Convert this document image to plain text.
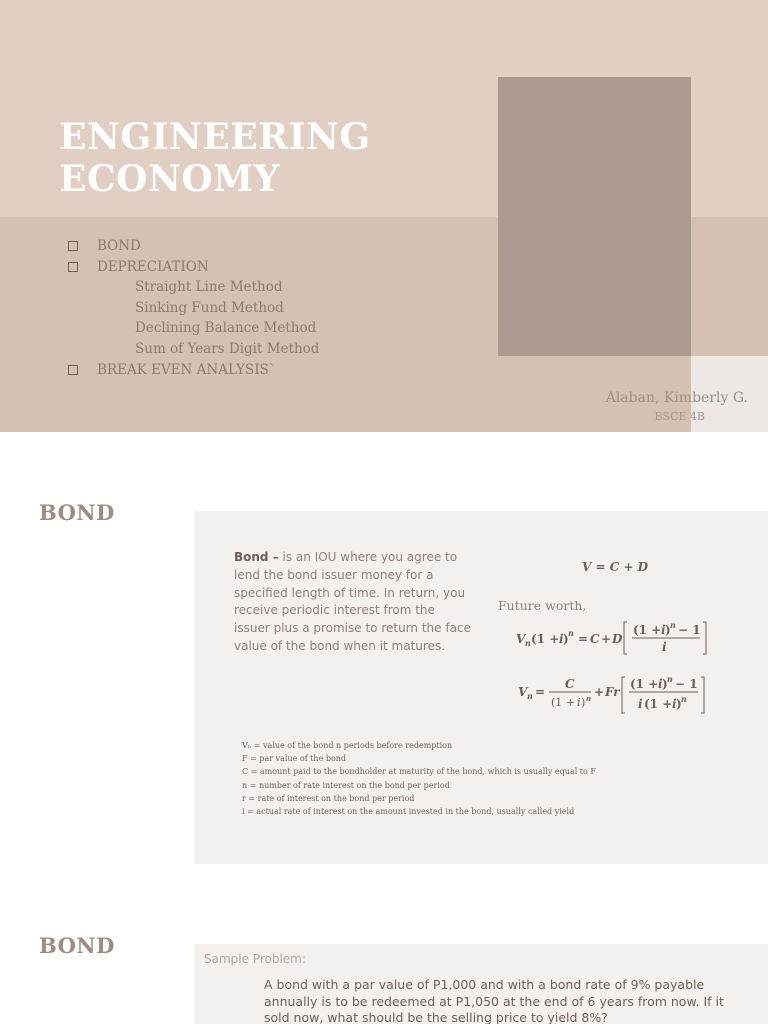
ENGINEERING
ECONOMY
BOND
DEPRECIATION
Straight Line Method
Sinking Fund Method
Declining Balance Method
Sum of Years Digit Method
BREAK EVEN ANALYSIS`
Alaban, Kimberly G.
BSCE 4B
BOND

Bond – is an IOU where you agree to lend the bond issuer money for a specified length of time. In return, you receive periodic interest from the issuer plus a promise to return the face value of the bond when it matures.

V = C + D
Future worth,
V n (1 + i ) n = C + D
(1 + i ) n − 1
i
V n =
C
(1 + i ) n + Fr
(1 + i ) n − 1
i (1 + i ) n
Vₙ = value of the bond n periods before redemption
F = par value of the bond
C = amount paid to the bondholder at maturity of the bond, which is usually equal to F
n = number of rate interest on the bond per period
r = rate of interest on the bond per period
i = actual rate of interest on the amount invested in the bond, usually called yield
BOND
Sample Problem:

A bond with a par value of P1,000 and with a bond rate of 9% payable annually is to be redeemed at P1,050 at the end of 6 years from now. If it sold now, what should be the selling price to yield 8%?
